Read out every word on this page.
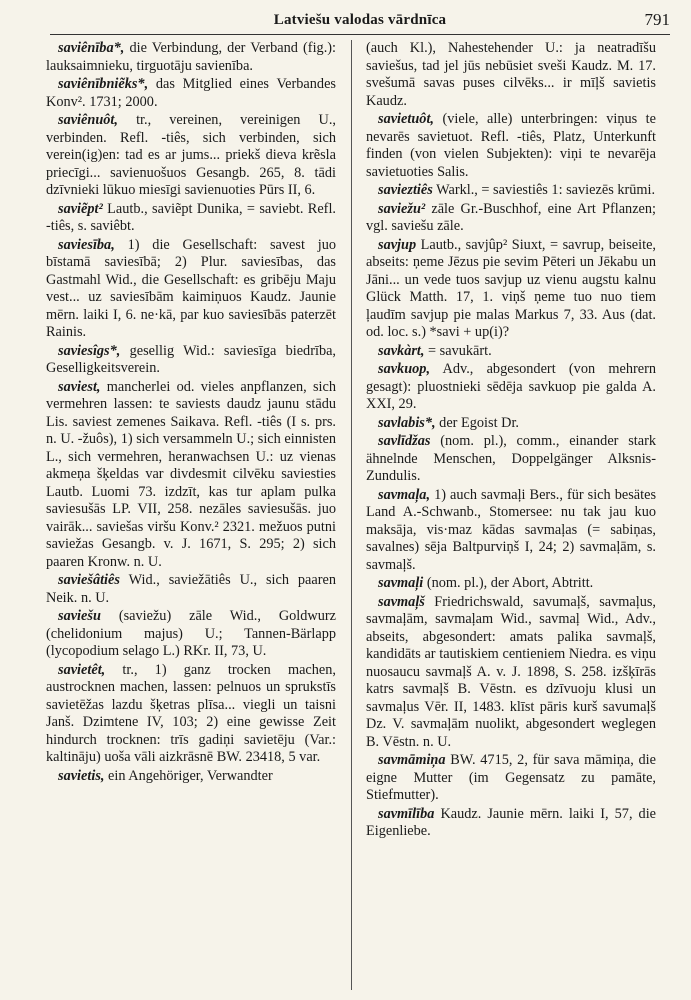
Latviešu valodas vārdnīca	791

saviênība*, die Verbindung, der Verband (fig.): lauksaimnieku, tirguotāju savienība.

saviênībniẽks*, das Mitglied eines Verbandes Konv². 1731; 2000.

saviênuôt, tr., vereinen, vereinigen U., verbinden. Refl. -tiês, sich verbinden, sich verein(ig)en: tad es ar jums... priekš dieva krẽslа priecīgi... savienuošuos Gesangb. 265, 8. tādi dzīvnieki lūkuo miesīgi savienuoties Pūrs II, 6.

saviẽpt² Lautb., saviẽpt Dunika, = saviebt. Refl. -tiês, s. saviêbt.

saviesība, 1) die Gesellschaft: savest juo bīstamā saviesībā; 2) Plur. saviesības, das Gastmahl Wid., die Gesellschaft: es gribēju Maju vest... uz saviesībām kaimiņuos Kaudz. Jaunie mērn. laiki I, 6. ne·kā, par kuo saviesībās paterzēt Rainis.

saviesîgs*, gesellig Wid.: saviesīga biedrība, Geselligkeitsverein.

saviest, mancherlei od. vieles anpflanzen, sich vermehren lassen: te saviests daudz jaunu stādu Lis. saviest zemenes Saikava. Refl. -tiês (I s. prs. n. U. -žuôs), 1) sich versammeln U.; sich einnisten L., sich vermehren, heranwachsen U.: uz vienas akmeņa šķeldas var divdesmit cilvēku saviesties Lautb. Luomi 73. izdzīt, kas tur aplam pulka saviesušās LP. VII, 258. nezāles saviesušās. juo vairāk... saviešas viršu Konv.² 2321. mežuos putni saviežas Gesangb. v. J. 1671, S. 295; 2) sich paaren Kronw. n. U.

saviešâtiês Wid., saviežātiês U., sich paaren Neik. n. U.

saviešu (saviežu) zāle Wid., Goldwurz (chelidonium majus) U.; Tannen-Bärlapp (lycopodium selago L.) RKr. II, 73, U.

savietêt, tr., 1) ganz trocken machen, austrocknen machen, lassen: pelnuos un sprukstīs savietēžas lazdu šķetras plīsa... viegli un taisni Janš. Dzimtene IV, 103; 2) eine gewisse Zeit hindurch trocknen: trīs gadiņi savietēju (Var.: kaltināju) uoša vāli aizkrāsnē BW. 23418, 5 var.

savietis, ein Angehöriger, Verwandter

(auch Kl.), Nahestehender U.: ja neatradīšu saviešus, tad jel jūs nebūsiet sveši Kaudz. M. 17. svešumā savas puses cilvēks... ir mīļš savietis Kaudz.

savietuôt, (viele, alle) unterbringen: viņus te nevarēs savietuot. Refl. -tiês, Platz, Unterkunft finden (von vielen Subjekten): viņi te nevarēja savietuoties Salis.

savieztiês Warkl., = saviestiês 1: saviezēs krūmi.

saviežu² zāle Gr.-Buschhof, eine Art Pflanzen; vgl. saviešu zāle.

savjup Lautb., savjûp² Siuxt, = savrup, beiseite, abseits: ņeme Jēzus pie sevim Pēteri un Jēkabu un Jāni... un vede tuos savjup uz vienu augstu kalnu Glück Matth. 17, 1. viņš ņeme tuo nuo tiem ļaudīm savjup pie malas Markus 7, 33. Aus (dat. od. loc. s.) *savi + up(i)?

savkàrt, = savukārt.

savkuop, Adv., abgesondert (von mehrern gesagt): pluostnieki sēdēja savkuop pie galda A. XXI, 29.

savlabis*, der Egoist Dr.

savlīdžas (nom. pl.), comm., einander stark ähnelnde Menschen, Doppelgänger Alksnis-Zundulis.

savmaļa, 1) auch savmaļi Bers., für sich besätes Land A.-Schwanb., Stomersee: nu tak jau kuo maksāja, vis·maz kādas savmaļas (= sabiņas, savalnes) sēja Baltpurviņš I, 24; 2) savmaļām, s. savmaļš.

savmaļi (nom. pl.), der Abort, Abtritt.

savmaļš Friedrichswald, savumaļš, savmaļus, savmaļām, savmaļam Wid., savmaļ Wid., Adv., abseits, abgesondert: amats palika savmaļš, kandidāts ar tautiskiem centieniem Niedra. es viņu nuosaucu savmaļš A. v. J. 1898, S. 258. izšķīrās katrs savmaļš B. Vēstn. es dzīvuoju klusi un savmaļus Vēr. II, 1483. klīst pāris kurš savumaļš Dz. V. savmaļām nuolikt, abgesondert weglegen B. Vēstn. n. U.

savmāmiņa BW. 4715, 2, für sava māmiņa, die eigne Mutter (im Gegensatz zu pamāte, Stiefmutter).

savmīlība Kaudz. Jaunie mērn. laiki I, 57, die Eigenliebe.
